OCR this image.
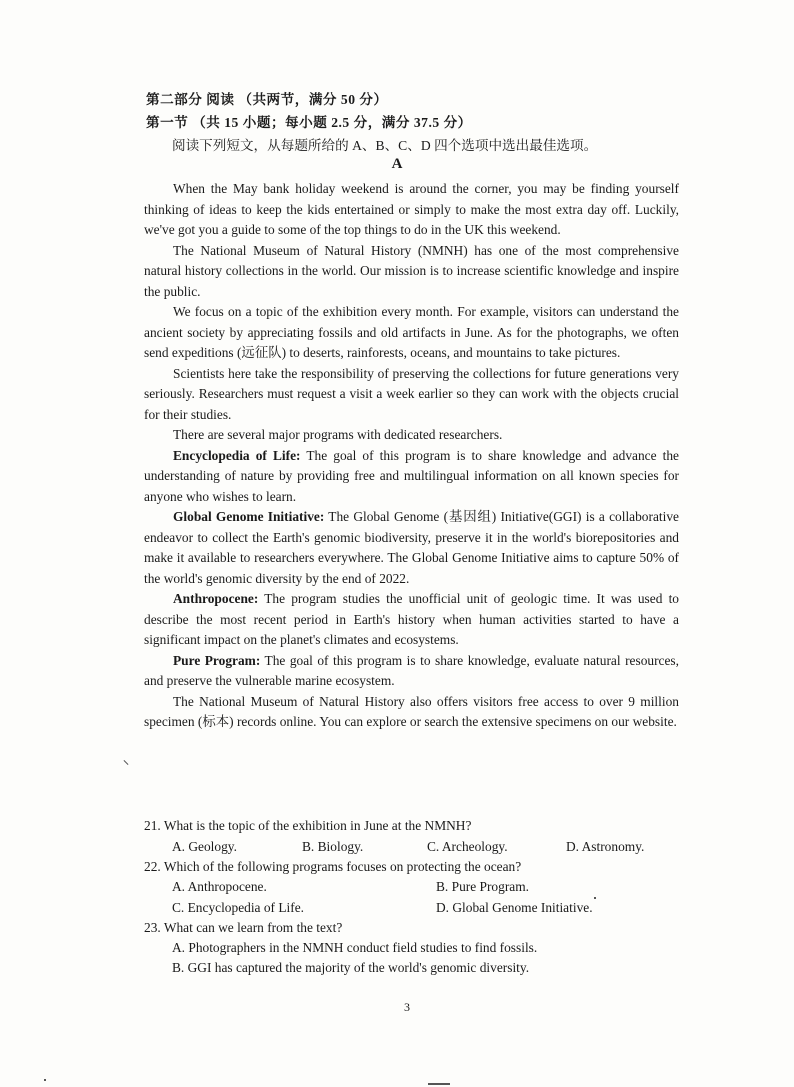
第二部分 阅读 （共两节，满分 50 分）
第一节 （共 15 小题；每小题 2.5 分，满分 37.5 分）
阅读下列短文，从每题所给的 A、B、C、D 四个选项中选出最佳选项。
A

When the May bank holiday weekend is around the corner, you may be finding yourself thinking of ideas to keep the kids entertained or simply to make the most extra day off. Luckily, we've got you a guide to some of the top things to do in the UK this weekend.

The National Museum of Natural History (NMNH) has one of the most comprehensive natural history collections in the world. Our mission is to increase scientific knowledge and inspire the public.

We focus on a topic of the exhibition every month. For example, visitors can understand the ancient society by appreciating fossils and old artifacts in June. As for the photographs, we often send expeditions (远征队) to deserts, rainforests, oceans, and mountains to take pictures.

Scientists here take the responsibility of preserving the collections for future generations very seriously. Researchers must request a visit a week earlier so they can work with the objects crucial for their studies.

There are several major programs with dedicated researchers.

Encyclopedia of Life: The goal of this program is to share knowledge and advance the understanding of nature by providing free and multilingual information on all known species for anyone who wishes to learn.

Global Genome Initiative: The Global Genome (基因组) Initiative(GGI) is a collaborative endeavor to collect the Earth's genomic biodiversity, preserve it in the world's biorepositories and make it available to researchers everywhere. The Global Genome Initiative aims to capture 50% of the world's genomic diversity by the end of 2022.

Anthropocene: The program studies the unofficial unit of geologic time. It was used to describe the most recent period in Earth's history when human activities started to have a significant impact on the planet's climates and ecosystems.

Pure Program: The goal of this program is to share knowledge, evaluate natural resources, and preserve the vulnerable marine ecosystem.

The National Museum of Natural History also offers visitors free access to over 9 million specimen (标本) records online. You can explore or search the extensive specimens on our website.

21. What is the topic of the exhibition in June at the NMNH?
A. Geology.	B. Biology.	C. Archeology.	D. Astronomy.
22. Which of the following programs focuses on protecting the ocean?
A. Anthropocene.	B. Pure Program.
C. Encyclopedia of Life.	D. Global Genome Initiative.
23. What can we learn from the text?
A. Photographers in the NMNH conduct field studies to find fossils.
B. GGI has captured the majority of the world's genomic diversity.
3
